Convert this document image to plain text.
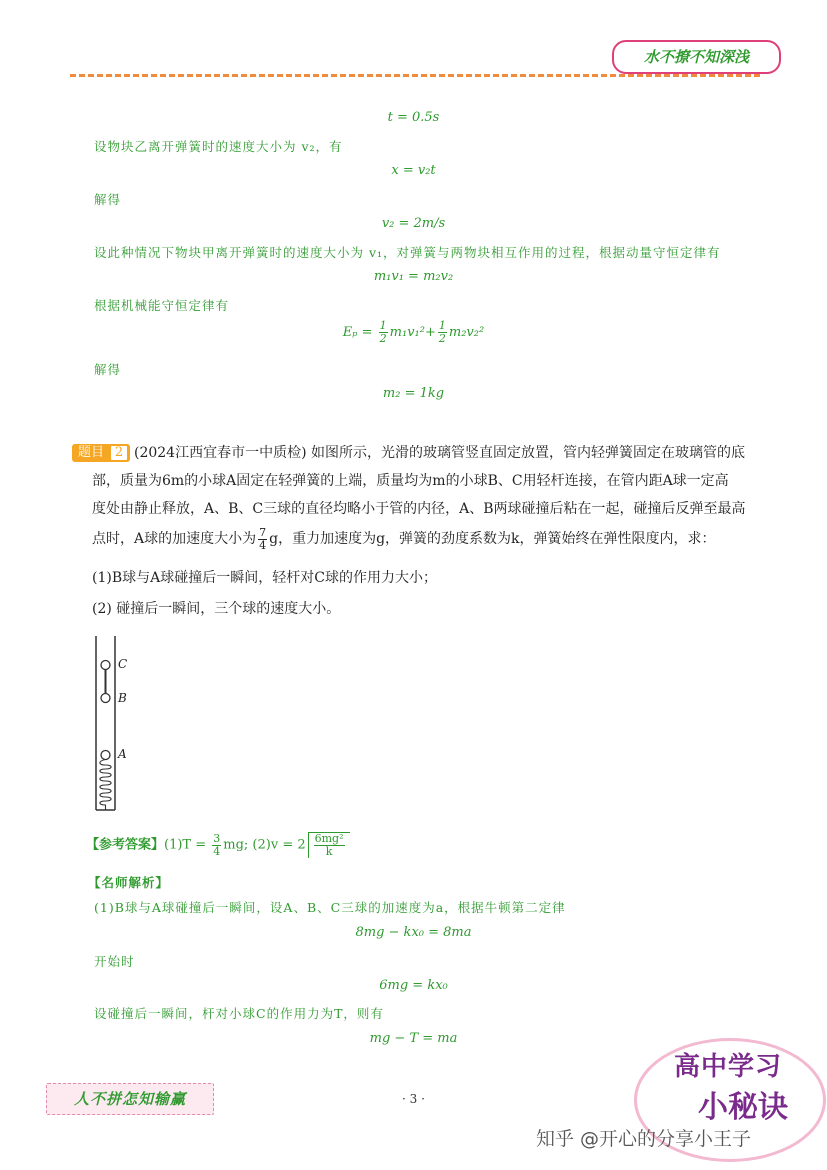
水不撩不知深浅
t = 0.5s
设物块乙离开弹簧时的速度大小为 v₂，有
x = v₂t
解得
v₂ = 2m/s
设此种情况下物块甲离开弹簧时的速度大小为 v₁，对弹簧与两物块相互作用的过程，根据动量守恒定律有
m₁v₁ = m₂v₂
根据机械能守恒定律有
$E_p = \frac{1}{2} m_1v_1^2+ \frac{1}{2} m_2v_2^2$
解得
m₂ = 1kg
题目 2 (2024江西宜春市一中质检) 如图所示，光滑的玻璃管竖直固定放置，管内轻弹簧固定在玻璃管的底
部，质量为6m的小球A固定在轻弹簧的上端，质量均为m的小球B、C用轻杆连接，在管内距A球一定高
度处由静止释放，A、B、C三球的直径均略小于管的内径，A、B两球碰撞后粘在一起，碰撞后反弹至最高
点时，A球的加速度大小为 $\frac{7}{4}$ g，重力加速度为g，弹簧的劲度系数为k，弹簧始终在弹性限度内，求：
(1)B球与A球碰撞后一瞬间，轻杆对C球的作用力大小；
(2) 碰撞后一瞬间，三个球的速度大小。
C
B
A
【参考答案】$(1)T = \frac{3}{4}$ mg; $(2)v = 2 \frac{\text{6mg²}}{k}$
【名师解析】
(1)B球与A球碰撞后一瞬间，设A、B、C三球的加速度为a，根据牛顿第二定律
8mg − kx₀ = 8ma
开始时
6mg = kx₀
设碰撞后一瞬间，杆对小球C的作用力为T，则有
mg − T = ma
人不拼怎知输赢	· 3 ·
高中学习
小秘诀
知乎 @开心的分享小王子
